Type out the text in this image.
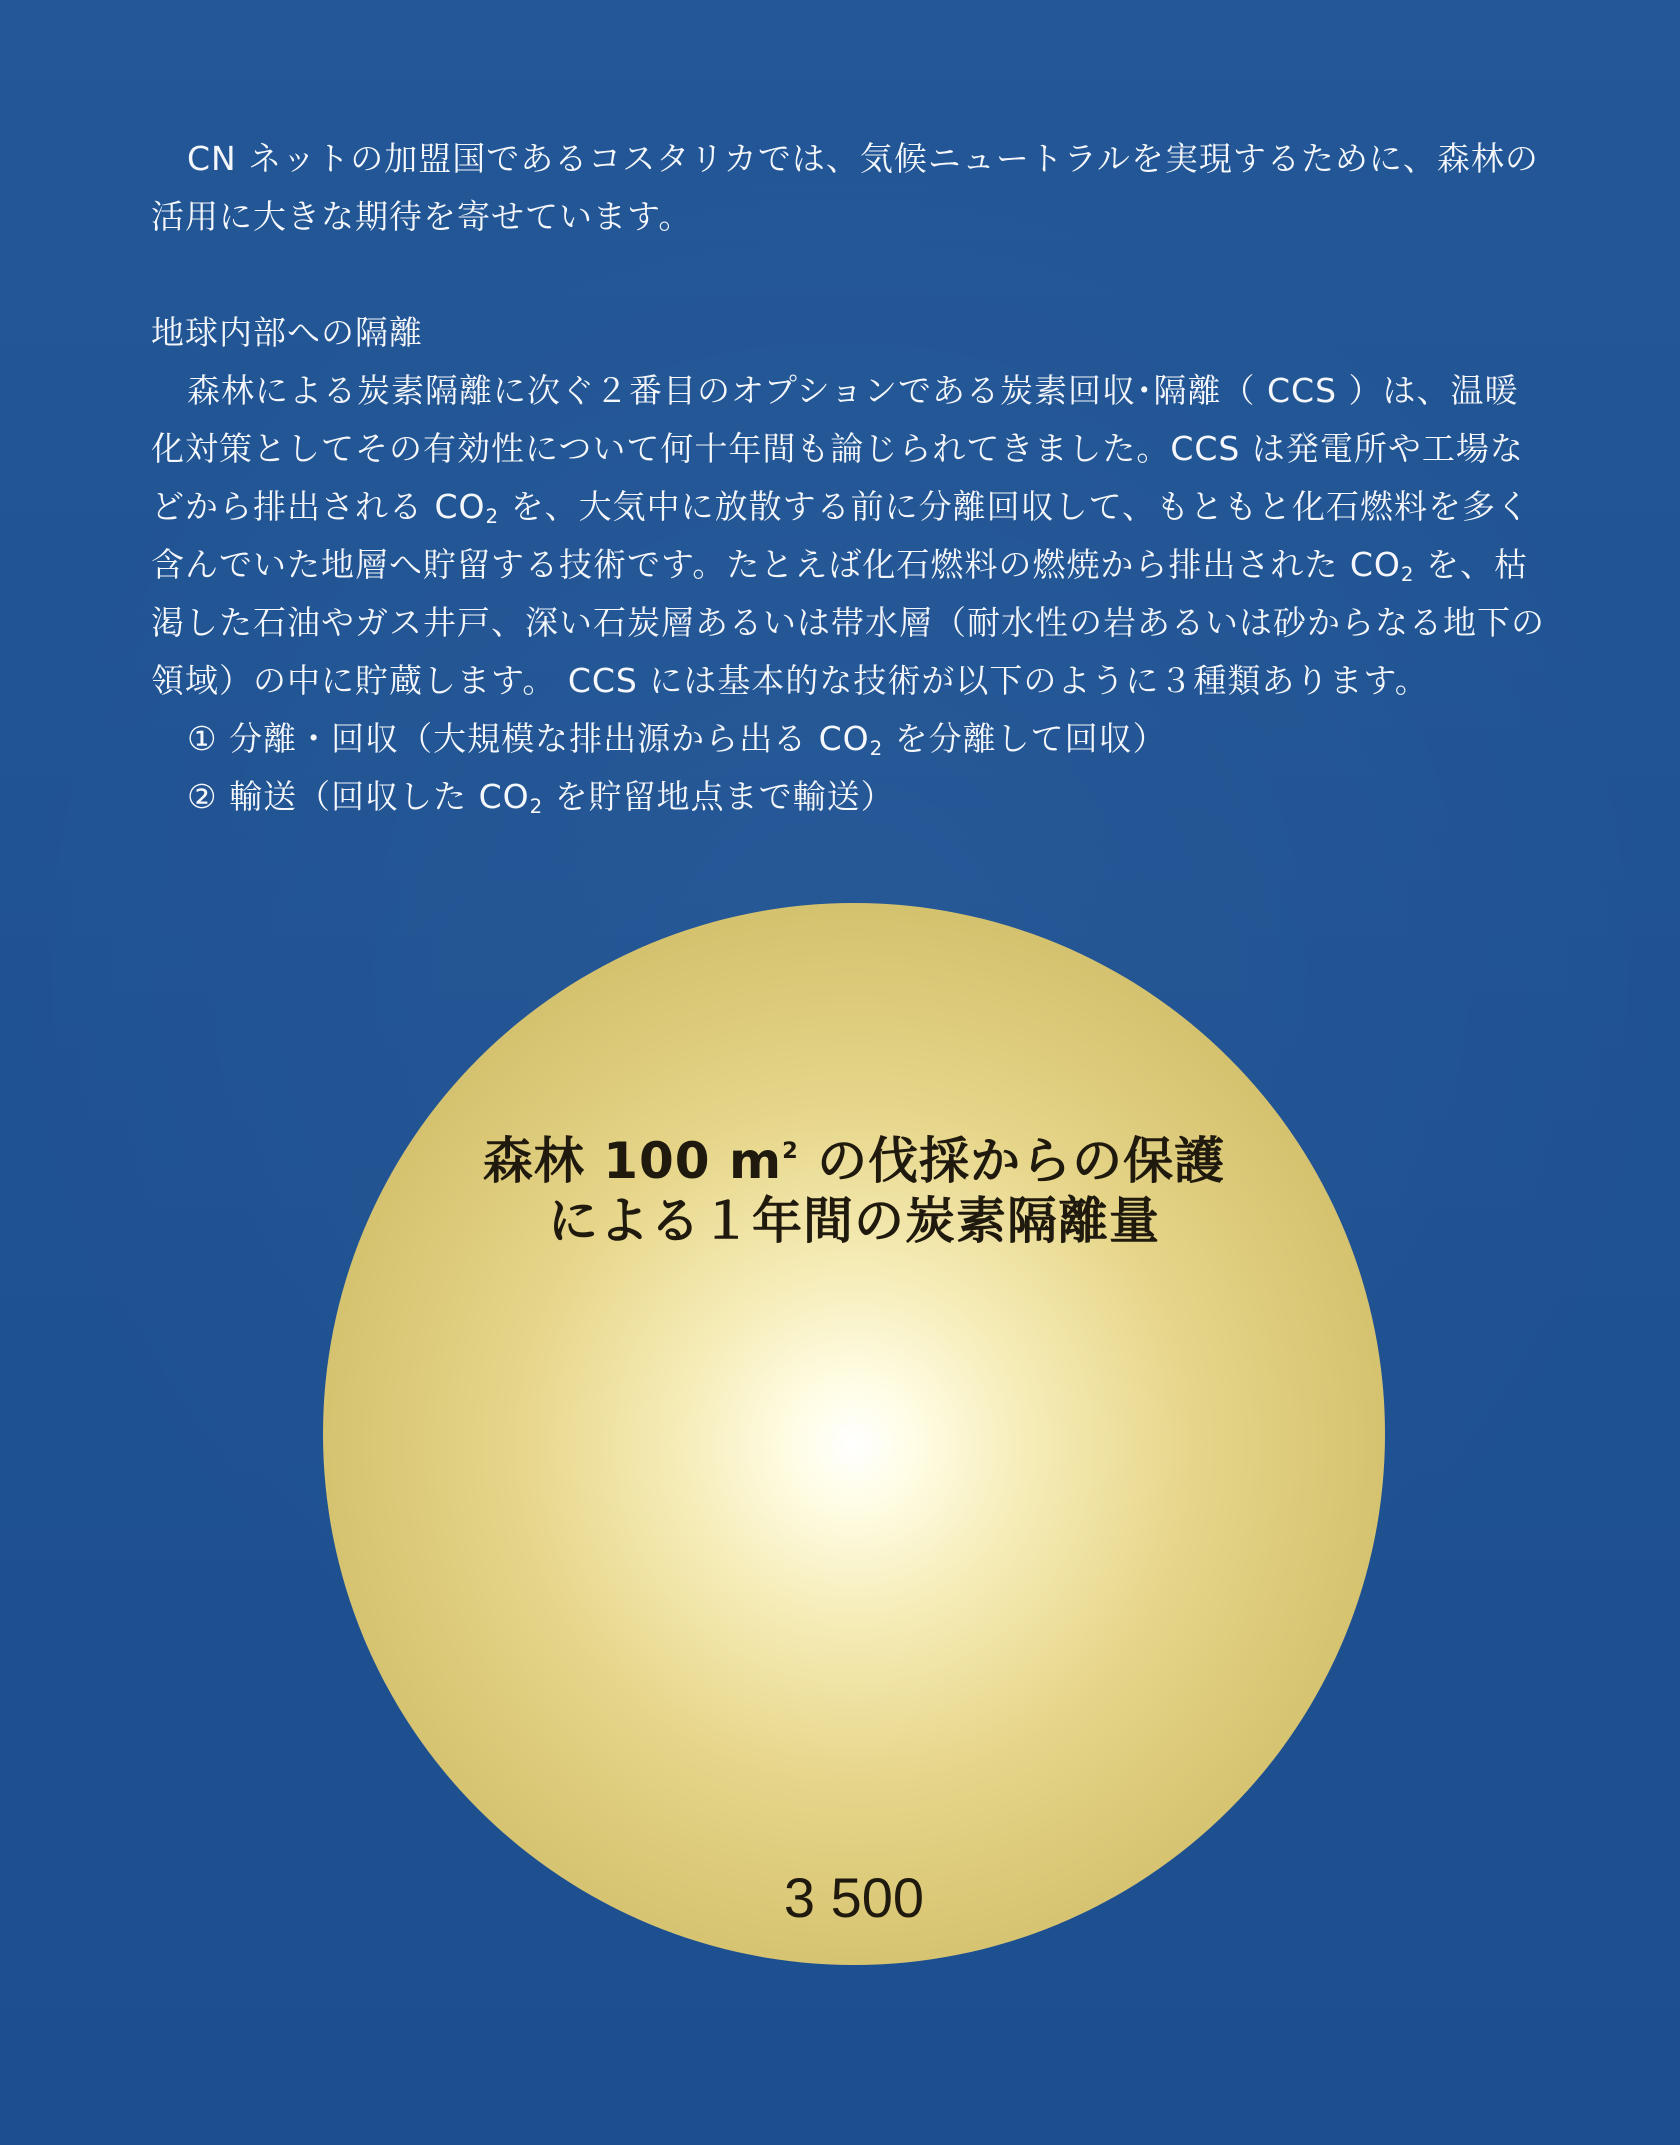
CN ネットの加盟国であるコスタリカでは、気候ニュートラルを実現するために、森林の活用に大きな期待を寄せています。

地球内部への隔離

森林による炭素隔離に次ぐ２番目のオプションである炭素回収･隔離（ CCS ）は、温暖化対策としてその有効性について何十年間も論じられてきました。CCS は発電所や工場などから排出される $CO_2$ を、大気中に放散する前に分離回収して、もともと化石燃料を多く含んでいた地層へ貯留する技術です。たとえば化石燃料の燃焼から排出された $CO_2$ を、枯渇した石油やガス井戸、深い石炭層あるいは帯水層（耐水性の岩あるいは砂からなる地下の領域）の中に貯蔵します。 CCS には基本的な技術が以下のように３種類あります。

① 分離・回収（大規模な排出源から出る $CO_2$ を分離して回収）

② 輸送（回収した $CO_2$ を貯留地点まで輸送）

森林 100 $m^2$ の伐採からの保護
による１年間の炭素隔離量
3 500
